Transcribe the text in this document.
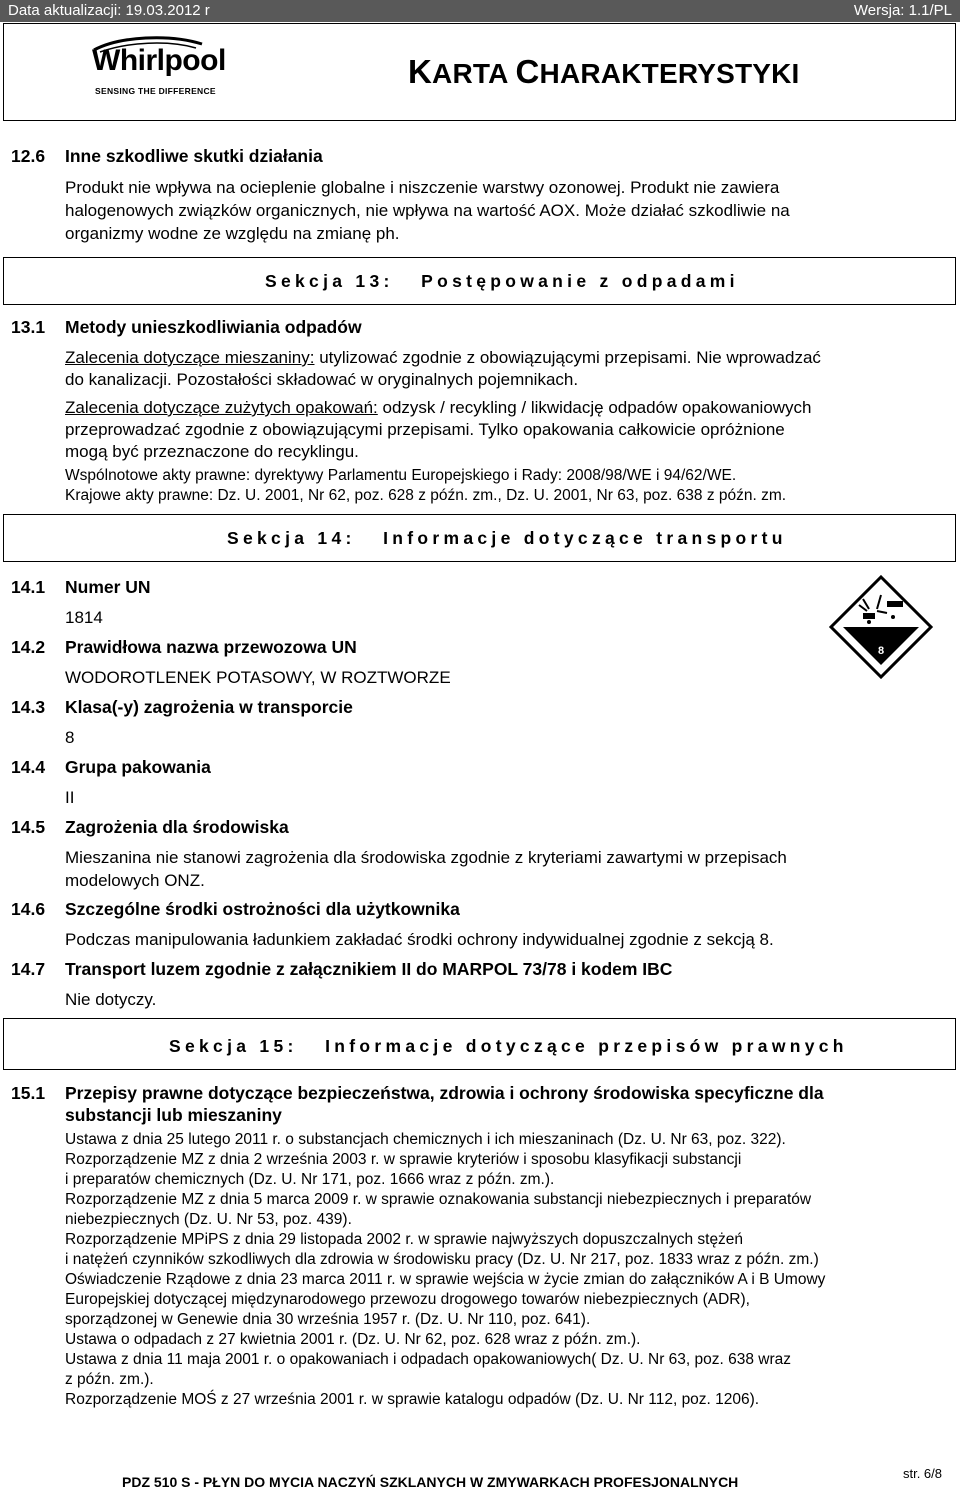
Data aktualizacji: 19.03.2012 r	Wersja: 1.1/PL
Whirlpool
SENSING THE DIFFERENCE
KARTA CHARAKTERYSTYKI
12.6 Inne szkodliwe skutki działania
Produkt nie wpływa na ocieplenie globalne i niszczenie warstwy ozonowej. Produkt nie zawiera
halogenowych związków organicznych, nie wpływa na wartość AOX. Może działać szkodliwie na
organizmy wodne ze względu na zmianę ph.
Sekcja 13:   Postępowanie z odpadami
13.1 Metody unieszkodliwiania odpadów
Zalecenia dotyczące mieszaniny: utylizować zgodnie z obowiązującymi przepisami. Nie wprowadzać
do kanalizacji. Pozostałości składować w oryginalnych pojemnikach.
Zalecenia dotyczące zużytych opakowań: odzysk / recykling / likwidację odpadów opakowaniowych
przeprowadzać zgodnie z obowiązującymi przepisami. Tylko opakowania całkowicie opróżnione
mogą być przeznaczone do recyklingu.
Wspólnotowe akty prawne: dyrektywy Parlamentu Europejskiego i Rady: 2008/98/WE i 94/62/WE.
Krajowe akty prawne: Dz. U. 2001, Nr 62, poz. 628 z późn. zm., Dz. U. 2001, Nr 63, poz. 638 z późn. zm.
Sekcja 14:   Informacje dotyczące transportu
14.1 Numer UN
1814
14.2 Prawidłowa nazwa przewozowa UN
WODOROTLENEK POTASOWY, W ROZTWORZE
14.3 Klasa(-y) zagrożenia w transporcie
8
14.4 Grupa pakowania
II
14.5 Zagrożenia dla środowiska
Mieszanina nie stanowi zagrożenia dla środowiska zgodnie z kryteriami zawartymi w przepisach
modelowych ONZ.
14.6 Szczególne środki ostrożności dla użytkownika
Podczas manipulowania ładunkiem zakładać środki ochrony indywidualnej zgodnie z sekcją 8.
14.7 Transport luzem zgodnie z załącznikiem II do MARPOL 73/78 i kodem IBC
Nie dotyczy.
8
Sekcja 15:   Informacje dotyczące przepisów prawnych
15.1 Przepisy prawne dotyczące bezpieczeństwa, zdrowia i ochrony środowiska specyficzne dla
substancji lub mieszaniny
Ustawa z dnia 25 lutego 2011 r. o substancjach chemicznych i ich mieszaninach (Dz. U. Nr 63, poz. 322).
Rozporządzenie MZ z dnia 2 września 2003 r. w sprawie kryteriów i sposobu klasyfikacji substancji
i preparatów chemicznych (Dz. U. Nr 171, poz. 1666 wraz z późn. zm.).
Rozporządzenie MZ z dnia 5 marca 2009 r. w sprawie oznakowania substancji niebezpiecznych i preparatów
niebezpiecznych (Dz. U. Nr 53, poz. 439).
Rozporządzenie MPiPS z dnia 29 listopada 2002 r. w sprawie najwyższych dopuszczalnych stężeń
i natężeń czynników szkodliwych dla zdrowia w środowisku pracy (Dz. U. Nr 217, poz. 1833 wraz z późn. zm.)
Oświadczenie Rządowe z dnia 23 marca 2011 r. w sprawie wejścia w życie zmian do załączników A i B Umowy
Europejskiej dotyczącej międzynarodowego przewozu drogowego towarów niebezpiecznych (ADR),
sporządzonej w Genewie dnia 30 września 1957 r. (Dz. U. Nr 110, poz. 641).
Ustawa o odpadach z 27 kwietnia 2001 r. (Dz. U. Nr 62, poz. 628 wraz z późn. zm.).
Ustawa z dnia 11 maja 2001 r. o opakowaniach i odpadach opakowaniowych( Dz. U. Nr 63, poz. 638 wraz
z późn. zm.).
Rozporządzenie MOŚ z 27 września 2001 r. w sprawie katalogu odpadów (Dz. U. Nr 112, poz. 1206).
PDZ 510 S - PŁYN DO MYCIA NACZYŃ SZKLANYCH W ZMYWARKACH PROFESJONALNYCH
str. 6/8
